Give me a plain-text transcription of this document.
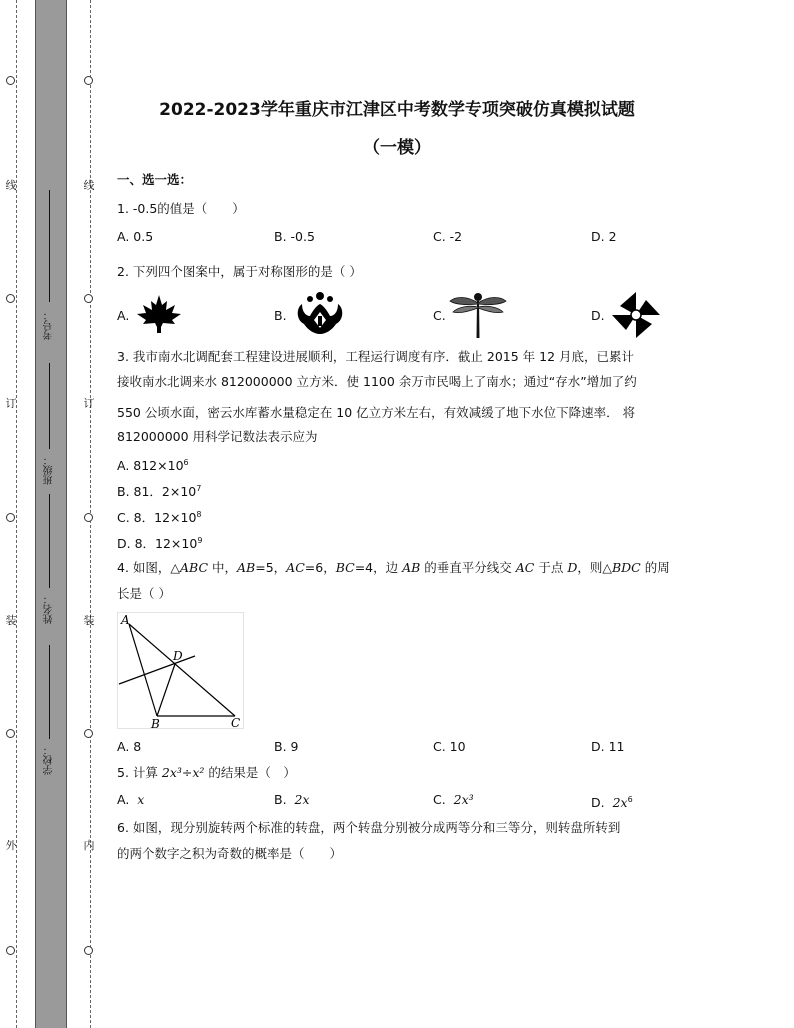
线
订
装
外
线
订
装
内
考号：
班级：
姓名：
学校：
2022-2023学年重庆市江津区中考数学专项突破仿真模拟试题
（一模）
一、选一选：
1. -0.5的值是（　　）
A. 0.5	B. -0.5	C. -2	D. 2
2. 下列四个图案中，属于对称图形的是（ ）
A.	B.	C.	D.
3. 我市南水北调配套工程建设进展顺利，工程运行调度有序．截止 2015 年 12 月底，已累计
接收南水北调来水 812000000 立方米．使 1100 余万市民喝上了南水；通过“存水”增加了约
550 公顷水面，密云水库蓄水量稳定在 10 亿立方米左右，有效减缓了地下水位下降速率． 将
812000000 用科学记数法表示应为
A. $812\times 10^6$
B. 81．$2\times 10^7$
C. 8．$12\times 10^8$
D. 8．$12\times 10^9$
4. 如图，△ABC 中，AB=5，AC=6，BC=4，边 AB 的垂直平分线交 AC 于点 D，则△BDC 的周
长是（ ）
A
D
B	C
A. 8	B. 9	C. 10	D. 11
5. 计算 2x³÷x² 的结果是（　）
A. x	B. 2x	C. 2x³	D. $2x^6$
6. 如图，现分别旋转两个标准的转盘，两个转盘分别被分成两等分和三等分，则转盘所转到
的两个数字之积为奇数的概率是（　　）
